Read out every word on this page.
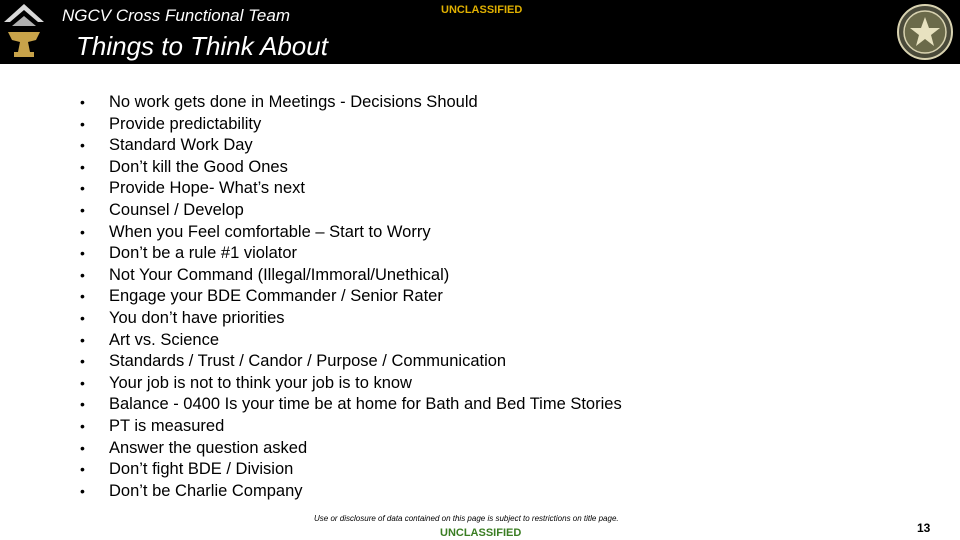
NGCV Cross Functional Team	UNCLASSIFIED
Things to Think About
•	No work gets done in Meetings - Decisions Should
•	Provide predictability
•	Standard Work Day
•	Don’t kill the Good Ones
•	Provide Hope- What’s next
•	Counsel / Develop
•	When you Feel comfortable – Start to Worry
•	Don’t be a rule #1 violator
•	Not Your Command (Illegal/Immoral/Unethical)
•	Engage your BDE Commander / Senior Rater
•	You don’t have priorities
•	Art vs. Science
•	Standards / Trust / Candor / Purpose / Communication
•	Your job is not to think your job is to know
•	Balance - 0400 Is your time be at home for Bath and Bed Time Stories
•	PT is measured
•	Answer the question asked
•	Don’t fight BDE / Division
•	Don’t be Charlie Company
Use or disclosure of data contained on this page is subject to restrictions on title page.
UNCLASSIFIED	13
